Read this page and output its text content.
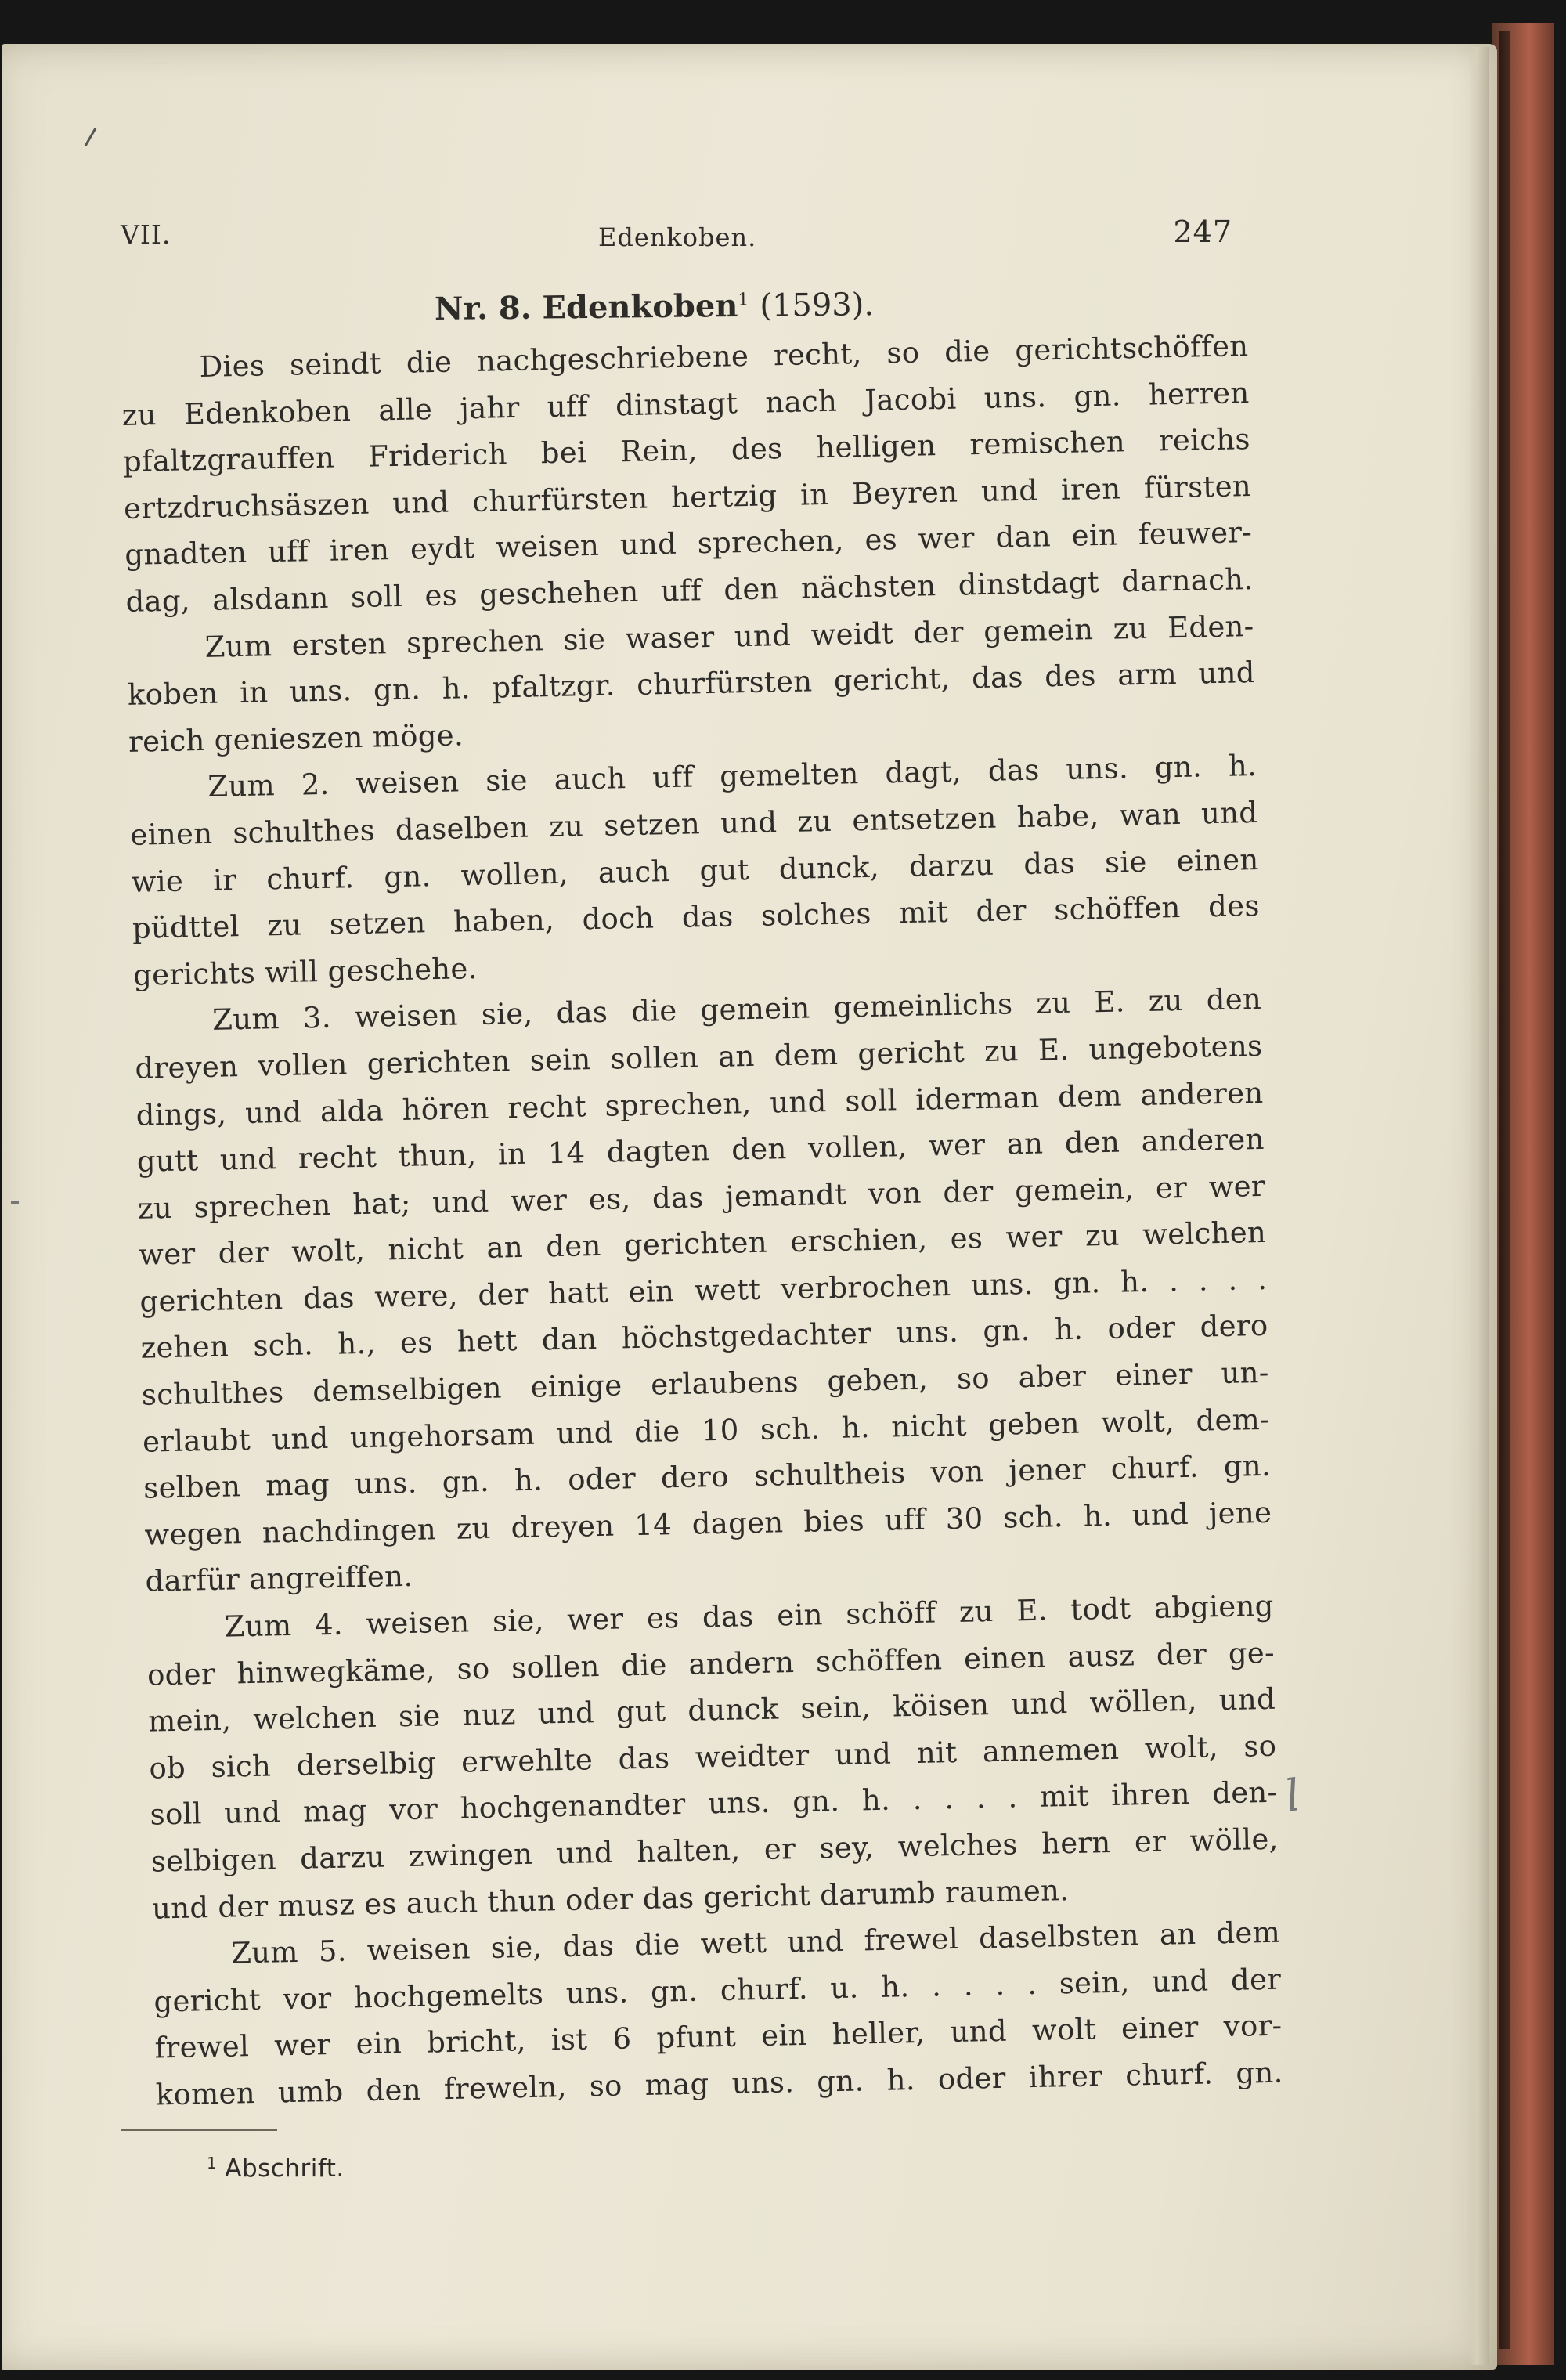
VII.	Edenkoben.	247
Nr. 8. Edenkoben$^1$ (1593).
Dies seindt die nachgeschriebene recht, so die gerichtschöffen
zu Edenkoben alle jahr uff dinstagt nach Jacobi uns. gn. herren
pfaltzgrauffen Friderich bei Rein, des helligen remischen reichs
ertzdruchsäszen und churfürsten hertzig in Beyren und iren fürsten
gnadten uff iren eydt weisen und sprechen, es wer dan ein feuwer-
dag, alsdann soll es geschehen uff den nächsten dinstdagt darnach.
Zum ersten sprechen sie waser und weidt der gemein zu Eden-
koben in uns. gn. h. pfaltzgr. churfürsten gericht, das des arm und
reich genieszen möge.
Zum 2. weisen sie auch uff gemelten dagt, das uns. gn. h.
einen schulthes daselben zu setzen und zu entsetzen habe, wan und
wie ir churf. gn. wollen, auch gut dunck, darzu das sie einen
püdttel zu setzen haben, doch das solches mit der schöffen des
gerichts will geschehe.
Zum 3. weisen sie, das die gemein gemeinlichs zu E. zu den
dreyen vollen gerichten sein sollen an dem gericht zu E. ungebotens
dings, und alda hören recht sprechen, und soll iderman dem anderen
gutt und recht thun, in 14 dagten den vollen, wer an den anderen
zu sprechen hat; und wer es, das jemandt von der gemein, er wer
wer der wolt, nicht an den gerichten erschien, es wer zu welchen
gerichten das were, der hatt ein wett verbrochen uns. gn. h. . . . .
zehen sch. h., es hett dan höchstgedachter uns. gn. h. oder dero
schulthes demselbigen einige erlaubens geben, so aber einer un-
erlaubt und ungehorsam und die 10 sch. h. nicht geben wolt, dem-
selben mag uns. gn. h. oder dero schultheis von jener churf. gn.
wegen nachdingen zu dreyen 14 dagen bies uff 30 sch. h. und jene
darfür angreiffen.
Zum 4. weisen sie, wer es das ein schöff zu E. todt abgieng
oder hinwegkäme, so sollen die andern schöffen einen ausz der ge-
mein, welchen sie nuz und gut dunck sein, köisen und wöllen, und
ob sich derselbig erwehlte das weidter und nit annemen wolt, so
soll und mag vor hochgenandter uns. gn. h. . . . . mit ihren den-
selbigen darzu zwingen und halten, er sey, welches hern er wölle,
und der musz es auch thun oder das gericht darumb raumen.
Zum 5. weisen sie, das die wett und frewel daselbsten an dem
gericht vor hochgemelts uns. gn. churf. u. h. . . . . sein, und der
frewel wer ein bricht, ist 6 pfunt ein heller, und wolt einer vor-
komen umb den freweln, so mag uns. gn. h. oder ihrer churf. gn.
l
$^1$ Abschrift.
